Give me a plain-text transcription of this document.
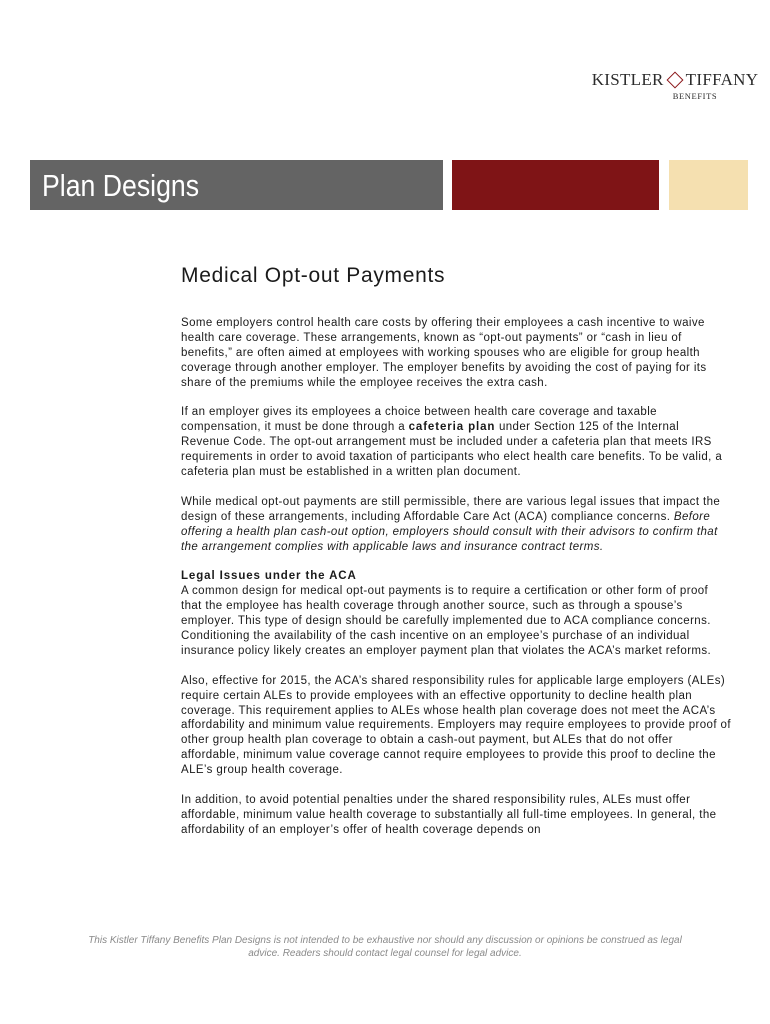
KISTLER TIFFANY
BENEFITS
Plan Designs
Medical Opt-out Payments

Some employers control health care costs by offering their employees a cash incentive to waive health care coverage. These arrangements, known as “opt-out payments” or “cash in lieu of benefits,” are often aimed at employees with working spouses who are eligible for group health coverage through another employer. The employer benefits by avoiding the cost of paying for its share of the premiums while the employee receives the extra cash.

If an employer gives its employees a choice between health care coverage and taxable compensation, it must be done through a cafeteria plan under Section 125 of the Internal Revenue Code. The opt-out arrangement must be included under a cafeteria plan that meets IRS requirements in order to avoid taxation of participants who elect health care benefits. To be valid, a cafeteria plan must be established in a written plan document.

While medical opt-out payments are still permissible, there are various legal issues that impact the design of these arrangements, including Affordable Care Act (ACA) compliance concerns. Before offering a health plan cash-out option, employers should consult with their advisors to confirm that the arrangement complies with applicable laws and insurance contract terms.

Legal Issues under the ACA
A common design for medical opt-out payments is to require a certification or other form of proof that the employee has health coverage through another source, such as through a spouse’s employer. This type of design should be carefully implemented due to ACA compliance concerns. Conditioning the availability of the cash incentive on an employee’s purchase of an individual insurance policy likely creates an employer payment plan that violates the ACA’s market reforms.

Also, effective for 2015, the ACA’s shared responsibility rules for applicable large employers (ALEs) require certain ALEs to provide employees with an effective opportunity to decline health plan coverage. This requirement applies to ALEs whose health plan coverage does not meet the ACA’s affordability and minimum value requirements. Employers may require employees to provide proof of other group health plan coverage to obtain a cash-out payment, but ALEs that do not offer affordable, minimum value coverage cannot require employees to provide this proof to decline the ALE’s group health coverage.

In addition, to avoid potential penalties under the shared responsibility rules, ALEs must offer affordable, minimum value health coverage to substantially all full-time employees. In general, the affordability of an employer’s offer of health coverage depends on

This Kistler Tiffany Benefits Plan Designs is not intended to be exhaustive nor should any discussion or opinions be construed as legal
advice. Readers should contact legal counsel for legal advice.
